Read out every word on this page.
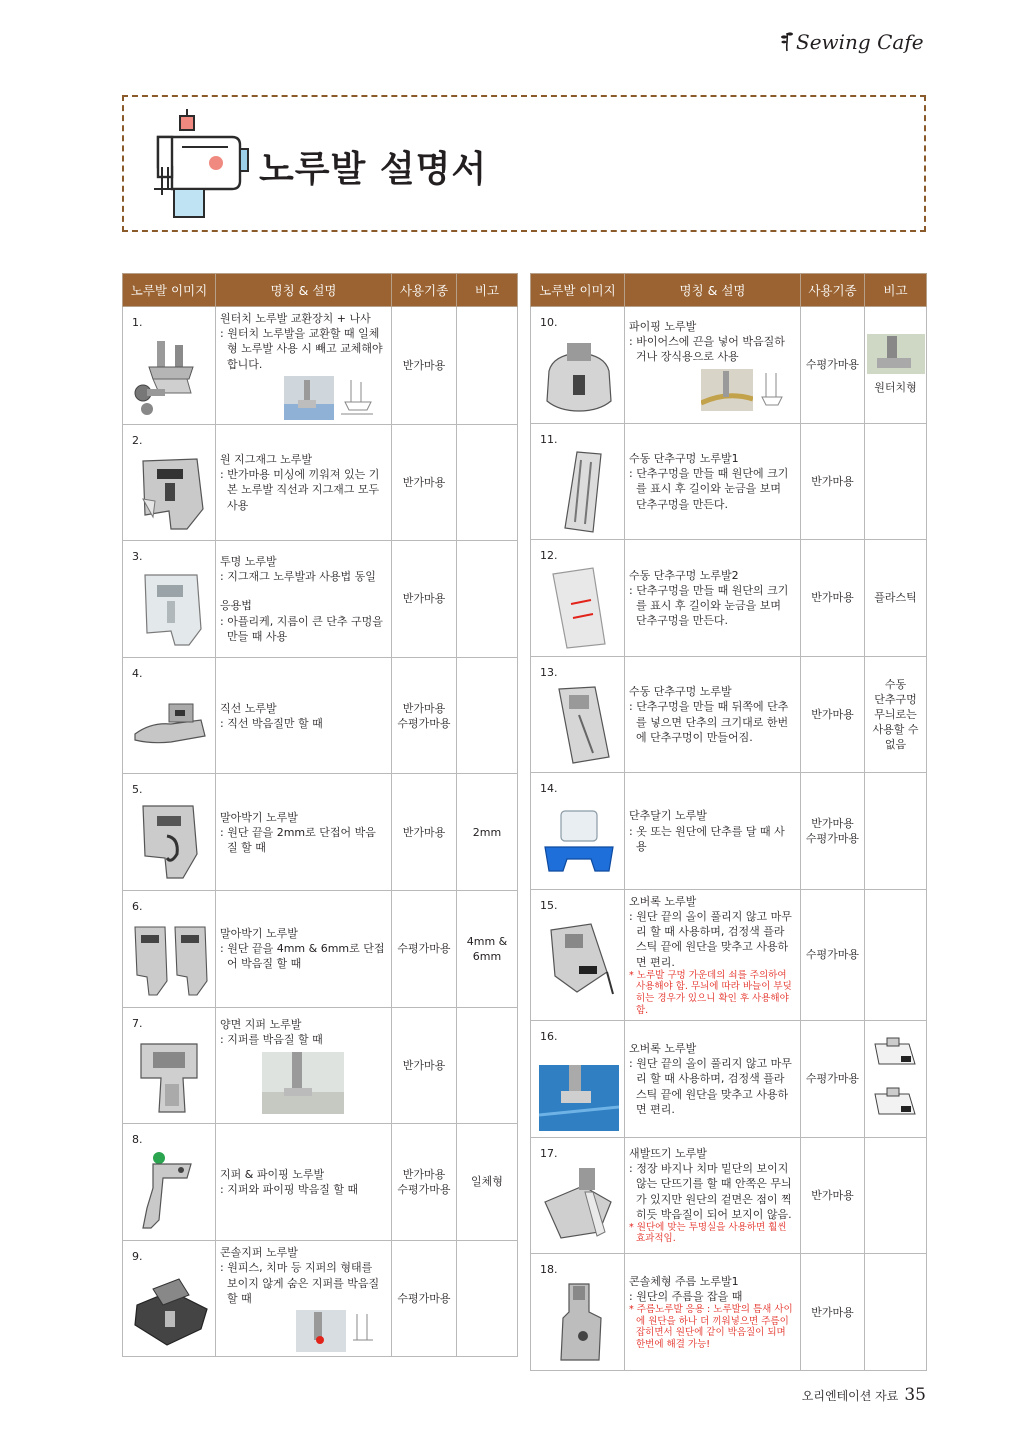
Sewing Cafe
노루발 설명서
노루발 이미지	명칭 & 설명	사용기종	비고

1.	원터치 노루발 교환장치 + 나사
: 원터치 노루발을 교환할 때 일체형 노루발 사용 시 빼고 교체해야 합니다.	반가마용	

2.	원 지그재그 노루발
: 반가마용 미싱에 끼워져 있는 기본 노루발 직선과 지그재그 모두 사용	반가마용	

3.	투명 노루발
: 지그재그 노루발과 사용법 동일
응용법
: 아플리케, 지름이 큰 단추 구멍을 만들 때 사용	반가마용	

4.	직선 노루발
: 직선 박음질만 할 때	반가마용
수평가마용	

5.	말아박기 노루발
: 원단 끝을 2mm로 단접어 박음질 할 때	반가마용	2mm

6.	말아박기 노루발
: 원단 끝을 4mm & 6mm로 단접어 박음질 할 때	수평가마용	4mm &
6mm

7.	양면 지퍼 노루발
: 지퍼를 박음질 할 때	반가마용	

8.	지퍼 & 파이핑 노루발
: 지퍼와 파이핑 박음질 할 때	반가마용
수평가마용	일체형

9.	콘솔지퍼 노루발
: 원피스, 치마 등 지퍼의 형태를 보이지 않게 숨은 지퍼를 박음질 할 때	수평가마용	

노루발 이미지	명칭 & 설명	사용기종	비고

10.	파이핑 노루발
: 바이어스에 끈을 넣어 박음질하거나 장식용으로 사용	수평가마용	원터치형

11.	수동 단추구멍 노루발1
: 단추구멍을 만들 때 원단에 크기를 표시 후 길이와 눈금을 보며 단추구멍을 만든다.	반가마용	

12.	수동 단추구멍 노루발2
: 단추구멍을 만들 때 원단의 크기를 표시 후 길이와 눈금을 보며 단추구멍을 만든다.	반가마용	플라스틱

13.	수동 단추구멍 노루발
: 단추구멍을 만들 때 뒤쪽에 단추를 넣으면 단추의 크기대로 한번에 단추구멍이 만들어짐.	반가마용	수동
단추구멍
무늬로는
사용할 수
없음

14.	단추달기 노루발
: 옷 또는 원단에 단추를 달 때 사용	반가마용
수평가마용	

15.	오버록 노루발
: 원단 끝의 올이 풀리지 않고 마무리 할 때 사용하며, 검정색 플라스틱 끝에 원단을 맞추고 사용하면 편리.
* 노루발 구멍 가운데의 쇠를 주의하여 사용해야 함. 무늬에 따라 바늘이 부딪히는 경우가 있으니 확인 후 사용해야 함.	수평가마용	

16.	오버록 노루발
: 원단 끝의 올이 풀리지 않고 마무리 할 때 사용하며, 검정색 플라스틱 끝에 원단을 맞추고 사용하면 편리.	수평가마용

17.	새발뜨기 노루발
: 정장 바지나 치마 밑단의 보이지 않는 단뜨기를 할 때 안쪽은 무늬가 있지만 원단의 겉면은 점이 찍히듯 박음질이 되어 보지이 않음.
* 원단에 맞는 투명실을 사용하면 훨씬 효과적임.	반가마용	

18.	콘솔체형 주름 노루발1
: 원단의 주름을 잡을 때
* 주름노루발 응용 : 노루발의 틈새 사이에 원단을 하나 더 끼워넣으면 주름이 잡히면서 원단에 같이 박음질이 되며 한번에 해결 가능!	반가마용	

오리엔테이션 자료 35
